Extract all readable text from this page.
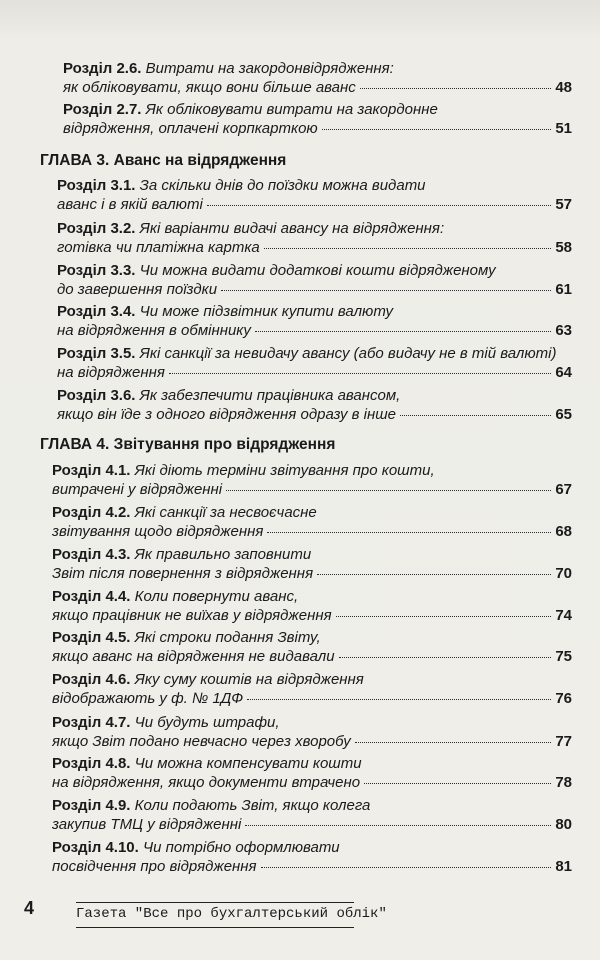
Розділ 2.6. Витрати на закордонвідрядження:
як обліковувати, якщо вони більше аванс	48
Розділ 2.7. Як обліковувати витрати на закордонне
відрядження, оплачені корпкарткою	51
ГЛАВА 3. Аванс на відрядження
Розділ 3.1. За скільки днів до поїздки можна видати
аванс і в якій валюті	57
Розділ 3.2. Які варіанти видачі авансу на відрядження:
готівка чи платіжна картка	58
Розділ 3.3. Чи можна видати додаткові кошти відрядженому
до завершення поїздки	61
Розділ 3.4. Чи може підзвітник купити валюту
на відрядження в обміннику	63
Розділ 3.5. Які санкції за невидачу авансу (або видачу не в тій валюті)
на відрядження	64
Розділ 3.6. Як забезпечити працівника авансом,
якщо він їде з одного відрядження одразу в інше	65
ГЛАВА 4. Звітування про відрядження
Розділ 4.1. Які діють терміни звітування про кошти,
витрачені у відрядженні	67
Розділ 4.2. Які санкції за несвоєчасне
звітування щодо відрядження	68
Розділ 4.3. Як правильно заповнити
Звіт після повернення з відрядження	70
Розділ 4.4. Коли повернути аванс,
якщо працівник не виїхав у відрядження	74
Розділ 4.5. Які строки подання Звіту,
якщо аванс на відрядження не видавали	75
Розділ 4.6. Яку суму коштів на відрядження
відображають у ф. № 1ДФ	76
Розділ 4.7. Чи будуть штрафи,
якщо Звіт подано невчасно через хворобу	77
Розділ 4.8. Чи можна компенсувати кошти
на відрядження, якщо документи втрачено	78
Розділ 4.9. Коли подають Звіт, якщо колега
закупив ТМЦ у відрядженні	80
Розділ 4.10. Чи потрібно оформлювати
посвідчення про відрядження	81
4	Газета "Все про бухгалтерський облік"
